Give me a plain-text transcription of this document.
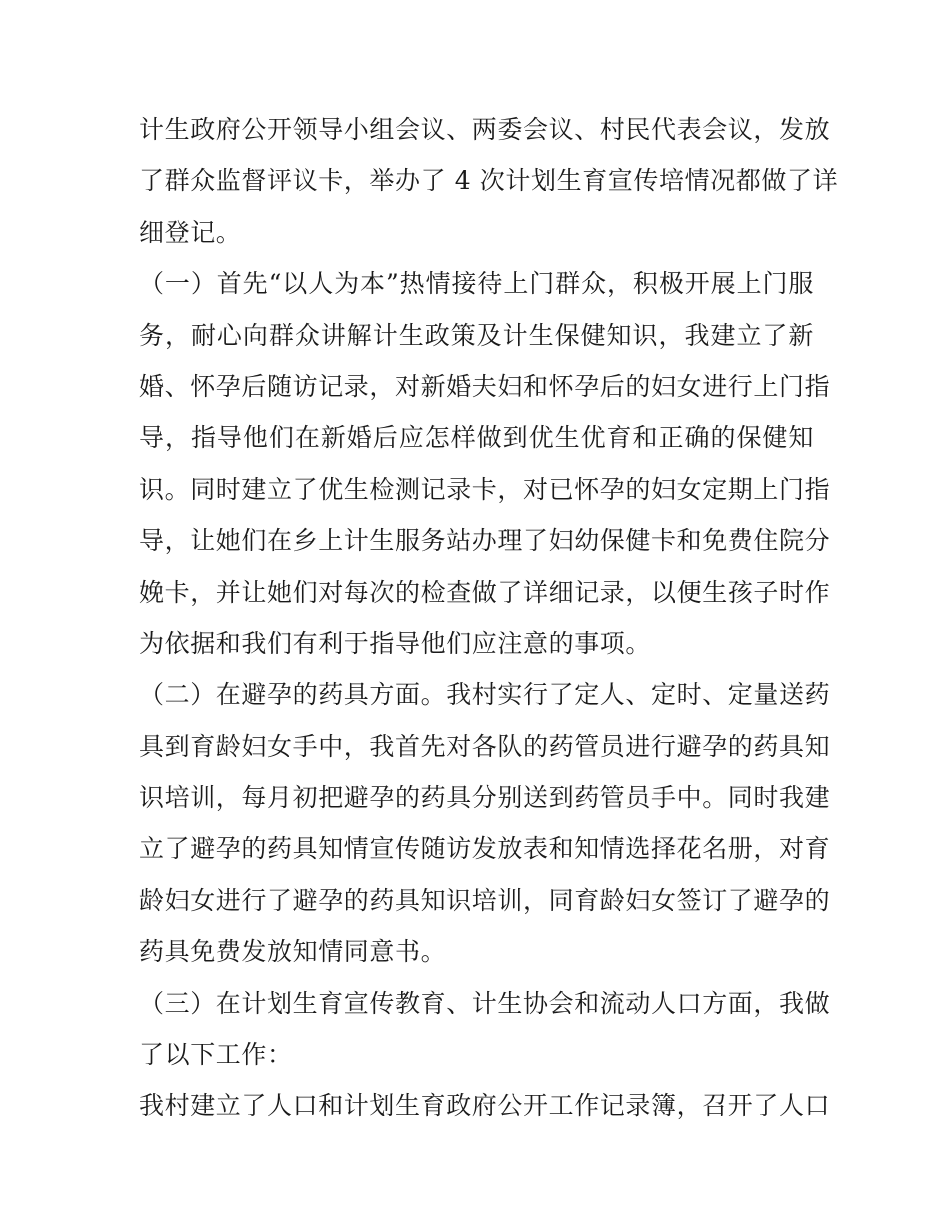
计生政府公开领导小组会议、两委会议、村民代表会议，发放
了群众监督评议卡，举办了 4 次计划生育宣传培情况都做了详
细登记。
（一）首先“以人为本”热情接待上门群众，积极开展上门服
务，耐心向群众讲解计生政策及计生保健知识，我建立了新
婚、怀孕后随访记录，对新婚夫妇和怀孕后的妇女进行上门指
导，指导他们在新婚后应怎样做到优生优育和正确的保健知
识。同时建立了优生检测记录卡，对已怀孕的妇女定期上门指
导，让她们在乡上计生服务站办理了妇幼保健卡和免费住院分
娩卡，并让她们对每次的检查做了详细记录，以便生孩子时作
为依据和我们有利于指导他们应注意的事项。
（二）在避孕的药具方面。我村实行了定人、定时、定量送药
具到育龄妇女手中，我首先对各队的药管员进行避孕的药具知
识培训，每月初把避孕的药具分别送到药管员手中。同时我建
立了避孕的药具知情宣传随访发放表和知情选择花名册，对育
龄妇女进行了避孕的药具知识培训，同育龄妇女签订了避孕的
药具免费发放知情同意书。
（三）在计划生育宣传教育、计生协会和流动人口方面，我做
了以下工作：
我村建立了人口和计划生育政府公开工作记录簿，召开了人口
